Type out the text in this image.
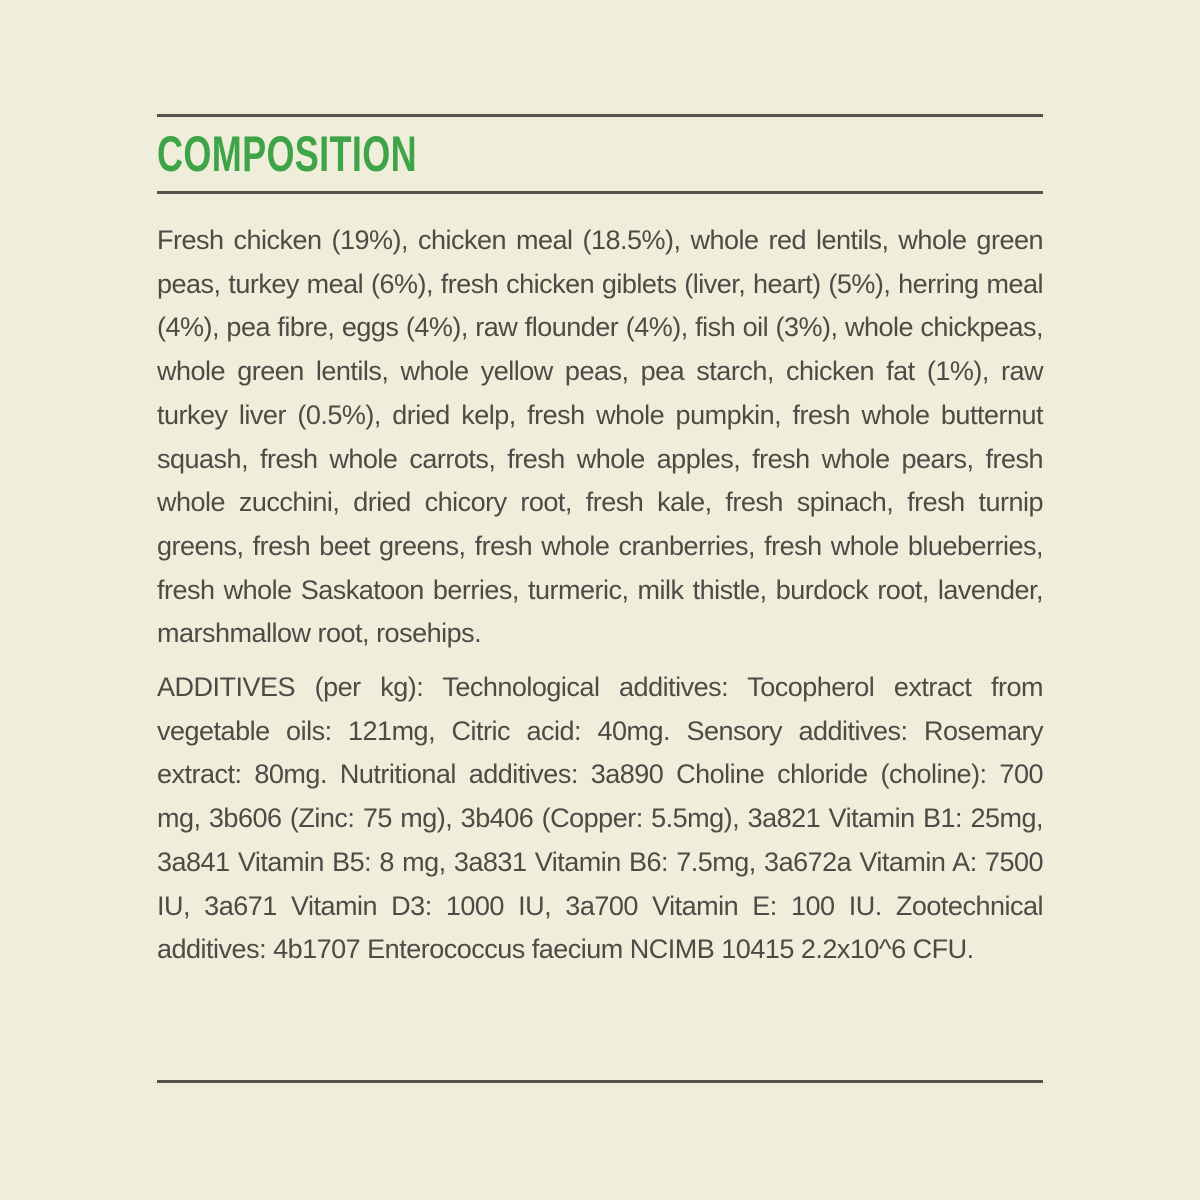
COMPOSITION

Fresh chicken (19%), chicken meal (18.5%), whole red lentils, whole green peas, turkey meal (6%), fresh chicken giblets (liver, heart) (5%), herring meal (4%), pea fibre, eggs (4%), raw flounder (4%), fish oil (3%), whole chickpeas, whole green lentils, whole yellow peas, pea starch, chicken fat (1%), raw turkey liver (0.5%), dried kelp, fresh whole pumpkin, fresh whole butternut squash, fresh whole carrots, fresh whole apples, fresh whole pears, fresh whole zucchini, dried chicory root, fresh kale, fresh spinach, fresh turnip greens, fresh beet greens, fresh whole cranberries, fresh whole blueberries, fresh whole Saskatoon berries, turmeric, milk thistle, burdock root, lavender, marshmallow root, rosehips.

ADDITIVES (per kg): Technological additives: Tocopherol extract from vegetable oils: 121mg, Citric acid: 40mg. Sensory additives: Rosemary extract: 80mg. Nutritional additives: 3a890 Choline chloride (choline): 700 mg, 3b606 (Zinc: 75 mg), 3b406 (Copper: 5.5mg), 3a821 Vitamin B1: 25mg, 3a841 Vitamin B5: 8 mg, 3a831 Vitamin B6: 7.5mg, 3a672a Vitamin A: 7500 IU, 3a671 Vitamin D3: 1000 IU, 3a700 Vitamin E: 100 IU. Zootechnical additives: 4b1707 Enterococcus faecium NCIMB 10415 2.2x10^6 CFU.
